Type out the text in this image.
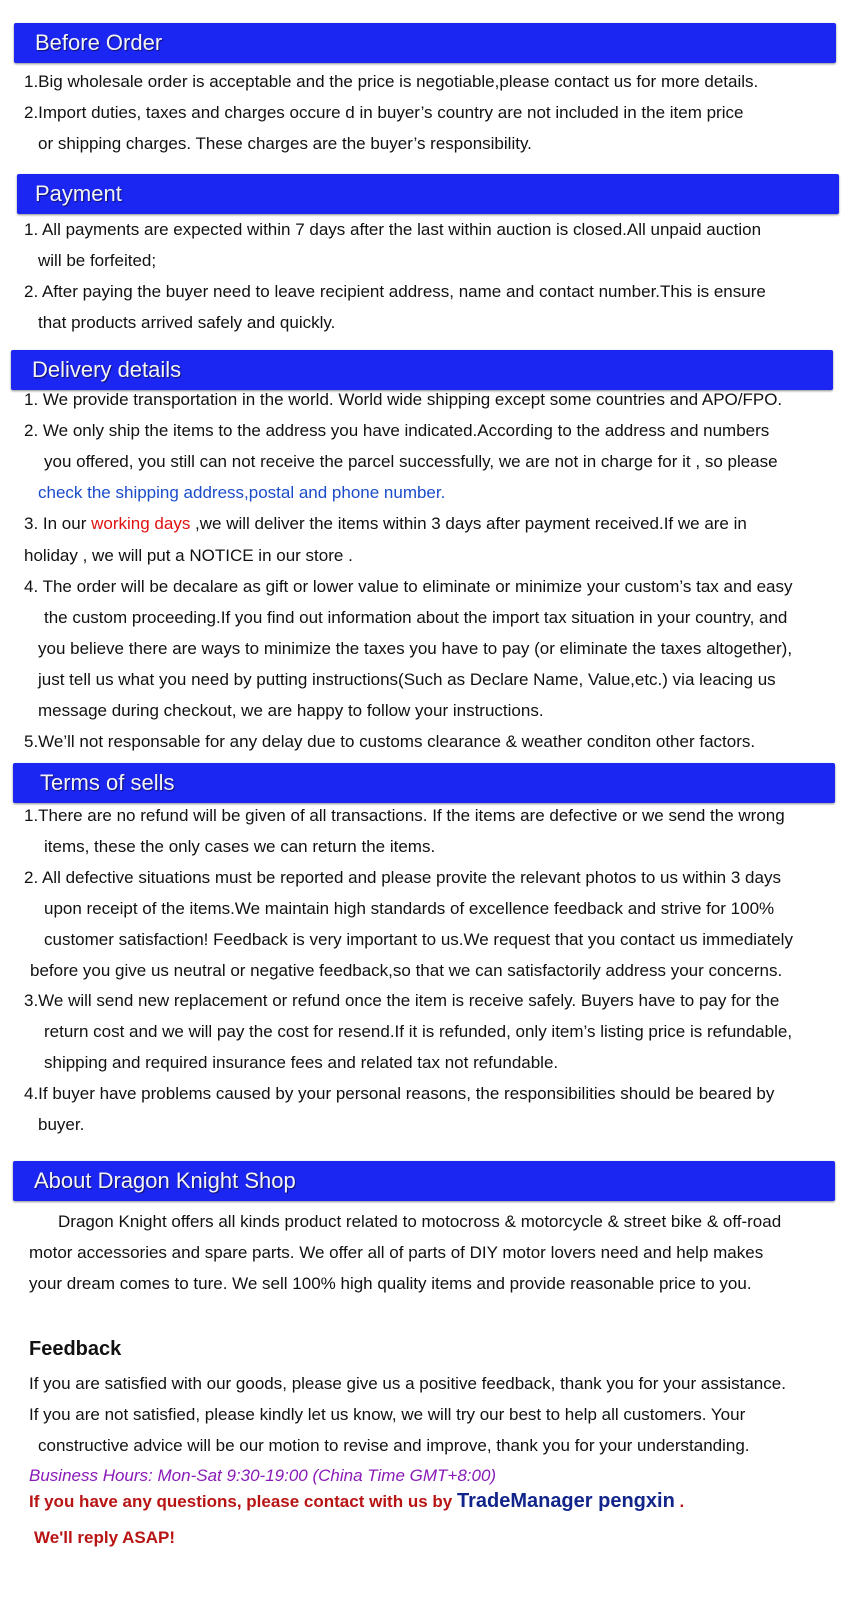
Before Order
1.Big wholesale order is acceptable and the price is negotiable,please contact us for more details.
2.Import duties, taxes and charges occure d in buyer’s country are not included in the item price
or shipping charges. These charges are the buyer’s responsibility.
Payment
1. All payments are expected within 7 days after the last within auction is closed.All unpaid auction
will be forfeited;
2. After paying the buyer need to leave recipient address, name and contact number.This is ensure
that products arrived safely and quickly.
Delivery details
1. We provide transportation in the world. World wide shipping except some countries and APO/FPO.
2. We only ship the items to the address you have indicated.According to the address and numbers
you offered, you still can not receive the parcel successfully, we are not in charge for it , so please
check the shipping address,postal and phone number.
3. In our working days ,we will deliver the items within 3 days after payment received.If we are in
holiday , we will put a NOTICE in our store .
4. The order will be decalare as gift or lower value to eliminate or minimize your custom’s tax and easy
the custom proceeding.If you find out information about the import tax situation in your country, and
you believe there are ways to minimize the taxes you have to pay (or eliminate the taxes altogether),
just tell us what you need by putting instructions(Such as Declare Name, Value,etc.) via leacing us
message during checkout, we are happy to follow your instructions.
5.We’ll not responsable for any delay due to customs clearance & weather conditon other factors.
Terms of sells
1.There are no refund will be given of all transactions. If the items are defective or we send the wrong
items, these the only cases we can return the items.
2. All defective situations must be reported and please provite the relevant photos to us within 3 days
upon receipt of the items.We maintain high standards of excellence feedback and strive for 100%
customer satisfaction! Feedback is very important to us.We request that you contact us immediately
before you give us neutral or negative feedback,so that we can satisfactorily address your concerns.
3.We will send new replacement or refund once the item is receive safely. Buyers have to pay for the
return cost and we will pay the cost for resend.If it is refunded, only item’s listing price is refundable,
shipping and required insurance fees and related tax not refundable.
4.If buyer have problems caused by your personal reasons, the responsibilities should be beared by
buyer.
About Dragon Knight Shop
Dragon Knight offers all kinds product related to motocross & motorcycle & street bike & off-road
motor accessories and spare parts. We offer all of parts of DIY motor lovers need and help makes
your dream comes to ture. We sell 100% high quality items and provide reasonable price to you.
Feedback
If you are satisfied with our goods, please give us a positive feedback, thank you for your assistance.
If you are not satisfied, please kindly let us know, we will try our best to help all customers. Your
constructive advice will be our motion to revise and improve, thank you for your understanding.
Business Hours: Mon-Sat 9:30-19:00 (China Time GMT+8:00)
If you have any questions, please contact with us by TradeManager pengxin .
We'll reply ASAP!
